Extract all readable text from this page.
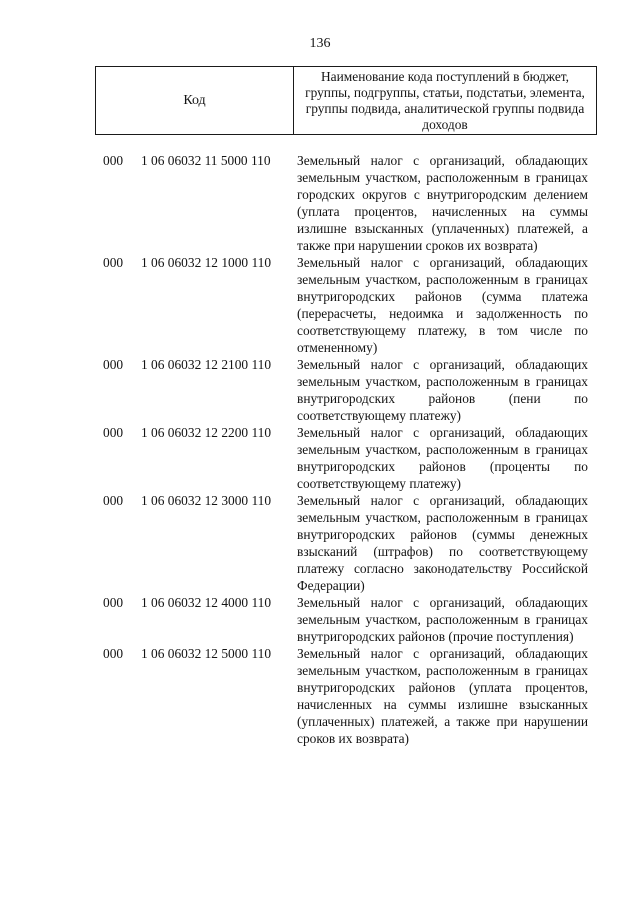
136
Код
Наименование кода поступлений в бюджет, группы, подгруппы, статьи, подстатьи, элемента, группы подвида, аналитической группы подвида доходов
000 1 06 06032 11 5000 110 Земельный налог с организаций, обладающих земельным участком, расположенным в границах городских округов с внутригородским делением (уплата процентов, начисленных на суммы излишне взысканных (уплаченных) платежей, а также при нарушении сроков их возврата)
000 1 06 06032 12 1000 110 Земельный налог с организаций, обладающих земельным участком, расположенным в границах внутригородских районов (сумма платежа (перерасчеты, недоимка и задолженность по соответствующему платежу, в том числе по отмененному)
000 1 06 06032 12 2100 110 Земельный налог с организаций, обладающих земельным участком, расположенным в границах внутригородских районов (пени по соответствующему платежу)
000 1 06 06032 12 2200 110 Земельный налог с организаций, обладающих земельным участком, расположенным в границах внутригородских районов (проценты по соответствующему платежу)
000 1 06 06032 12 3000 110 Земельный налог с организаций, обладающих земельным участком, расположенным в границах внутригородских районов (суммы денежных взысканий (штрафов) по соответствующему платежу согласно законодательству Российской Федерации)
000 1 06 06032 12 4000 110 Земельный налог с организаций, обладающих земельным участком, расположенным в границах внутригородских районов (прочие поступления)
000 1 06 06032 12 5000 110 Земельный налог с организаций, обладающих земельным участком, расположенным в границах внутригородских районов (уплата процентов, начисленных на суммы излишне взысканных (уплаченных) платежей, а также при нарушении сроков их возврата)
